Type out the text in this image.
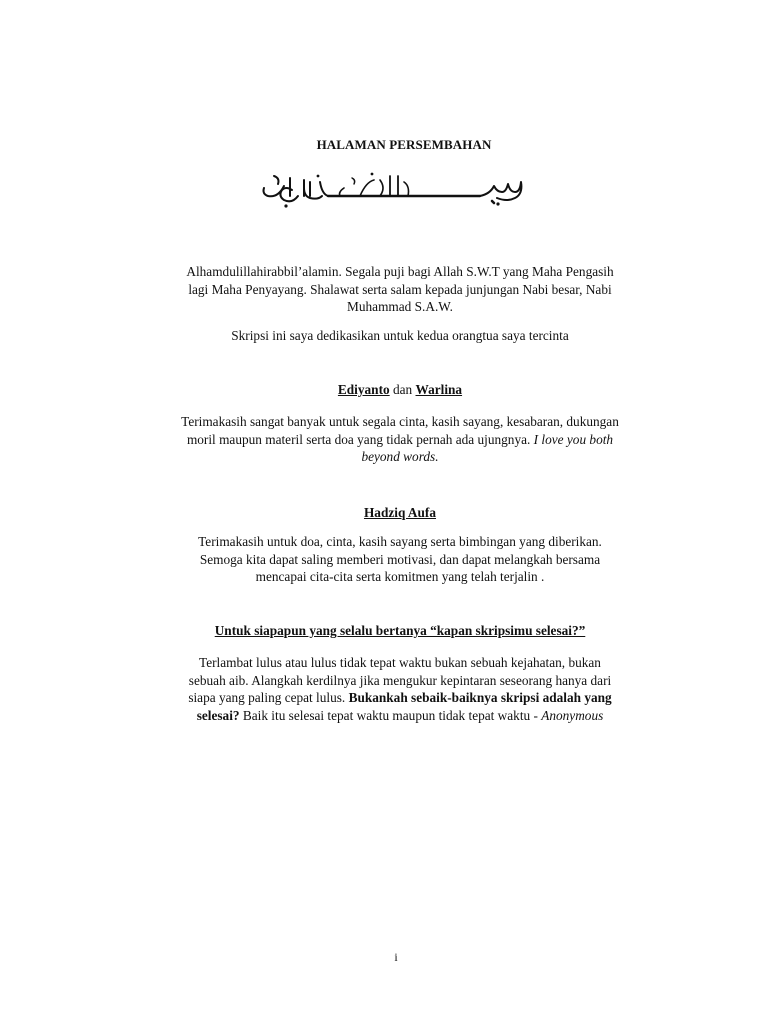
HALAMAN PERSEMBAHAN
Alhamdulillahirabbil’alamin. Segala puji bagi Allah S.W.T yang Maha Pengasih
lagi Maha Penyayang. Shalawat serta salam kepada junjungan Nabi besar, Nabi
Muhammad S.A.W.
Skripsi ini saya dedikasikan untuk kedua orangtua saya tercinta
Ediyanto dan Warlina
Terimakasih sangat banyak untuk segala cinta, kasih sayang, kesabaran, dukungan
moril maupun materil serta doa yang tidak pernah ada ujungnya. I love you both
beyond words.
Hadziq Aufa
Terimakasih untuk doa, cinta, kasih sayang serta bimbingan yang diberikan.
Semoga kita dapat saling memberi motivasi, dan dapat melangkah bersama
mencapai cita-cita serta komitmen yang telah terjalin .
Untuk siapapun yang selalu bertanya “kapan skripsimu selesai?”
Terlambat lulus atau lulus tidak tepat waktu bukan sebuah kejahatan, bukan
sebuah aib. Alangkah kerdilnya jika mengukur kepintaran seseorang hanya dari
siapa yang paling cepat lulus. Bukankah sebaik-baiknya skripsi adalah yang
selesai? Baik itu selesai tepat waktu maupun tidak tepat waktu - Anonymous
i
